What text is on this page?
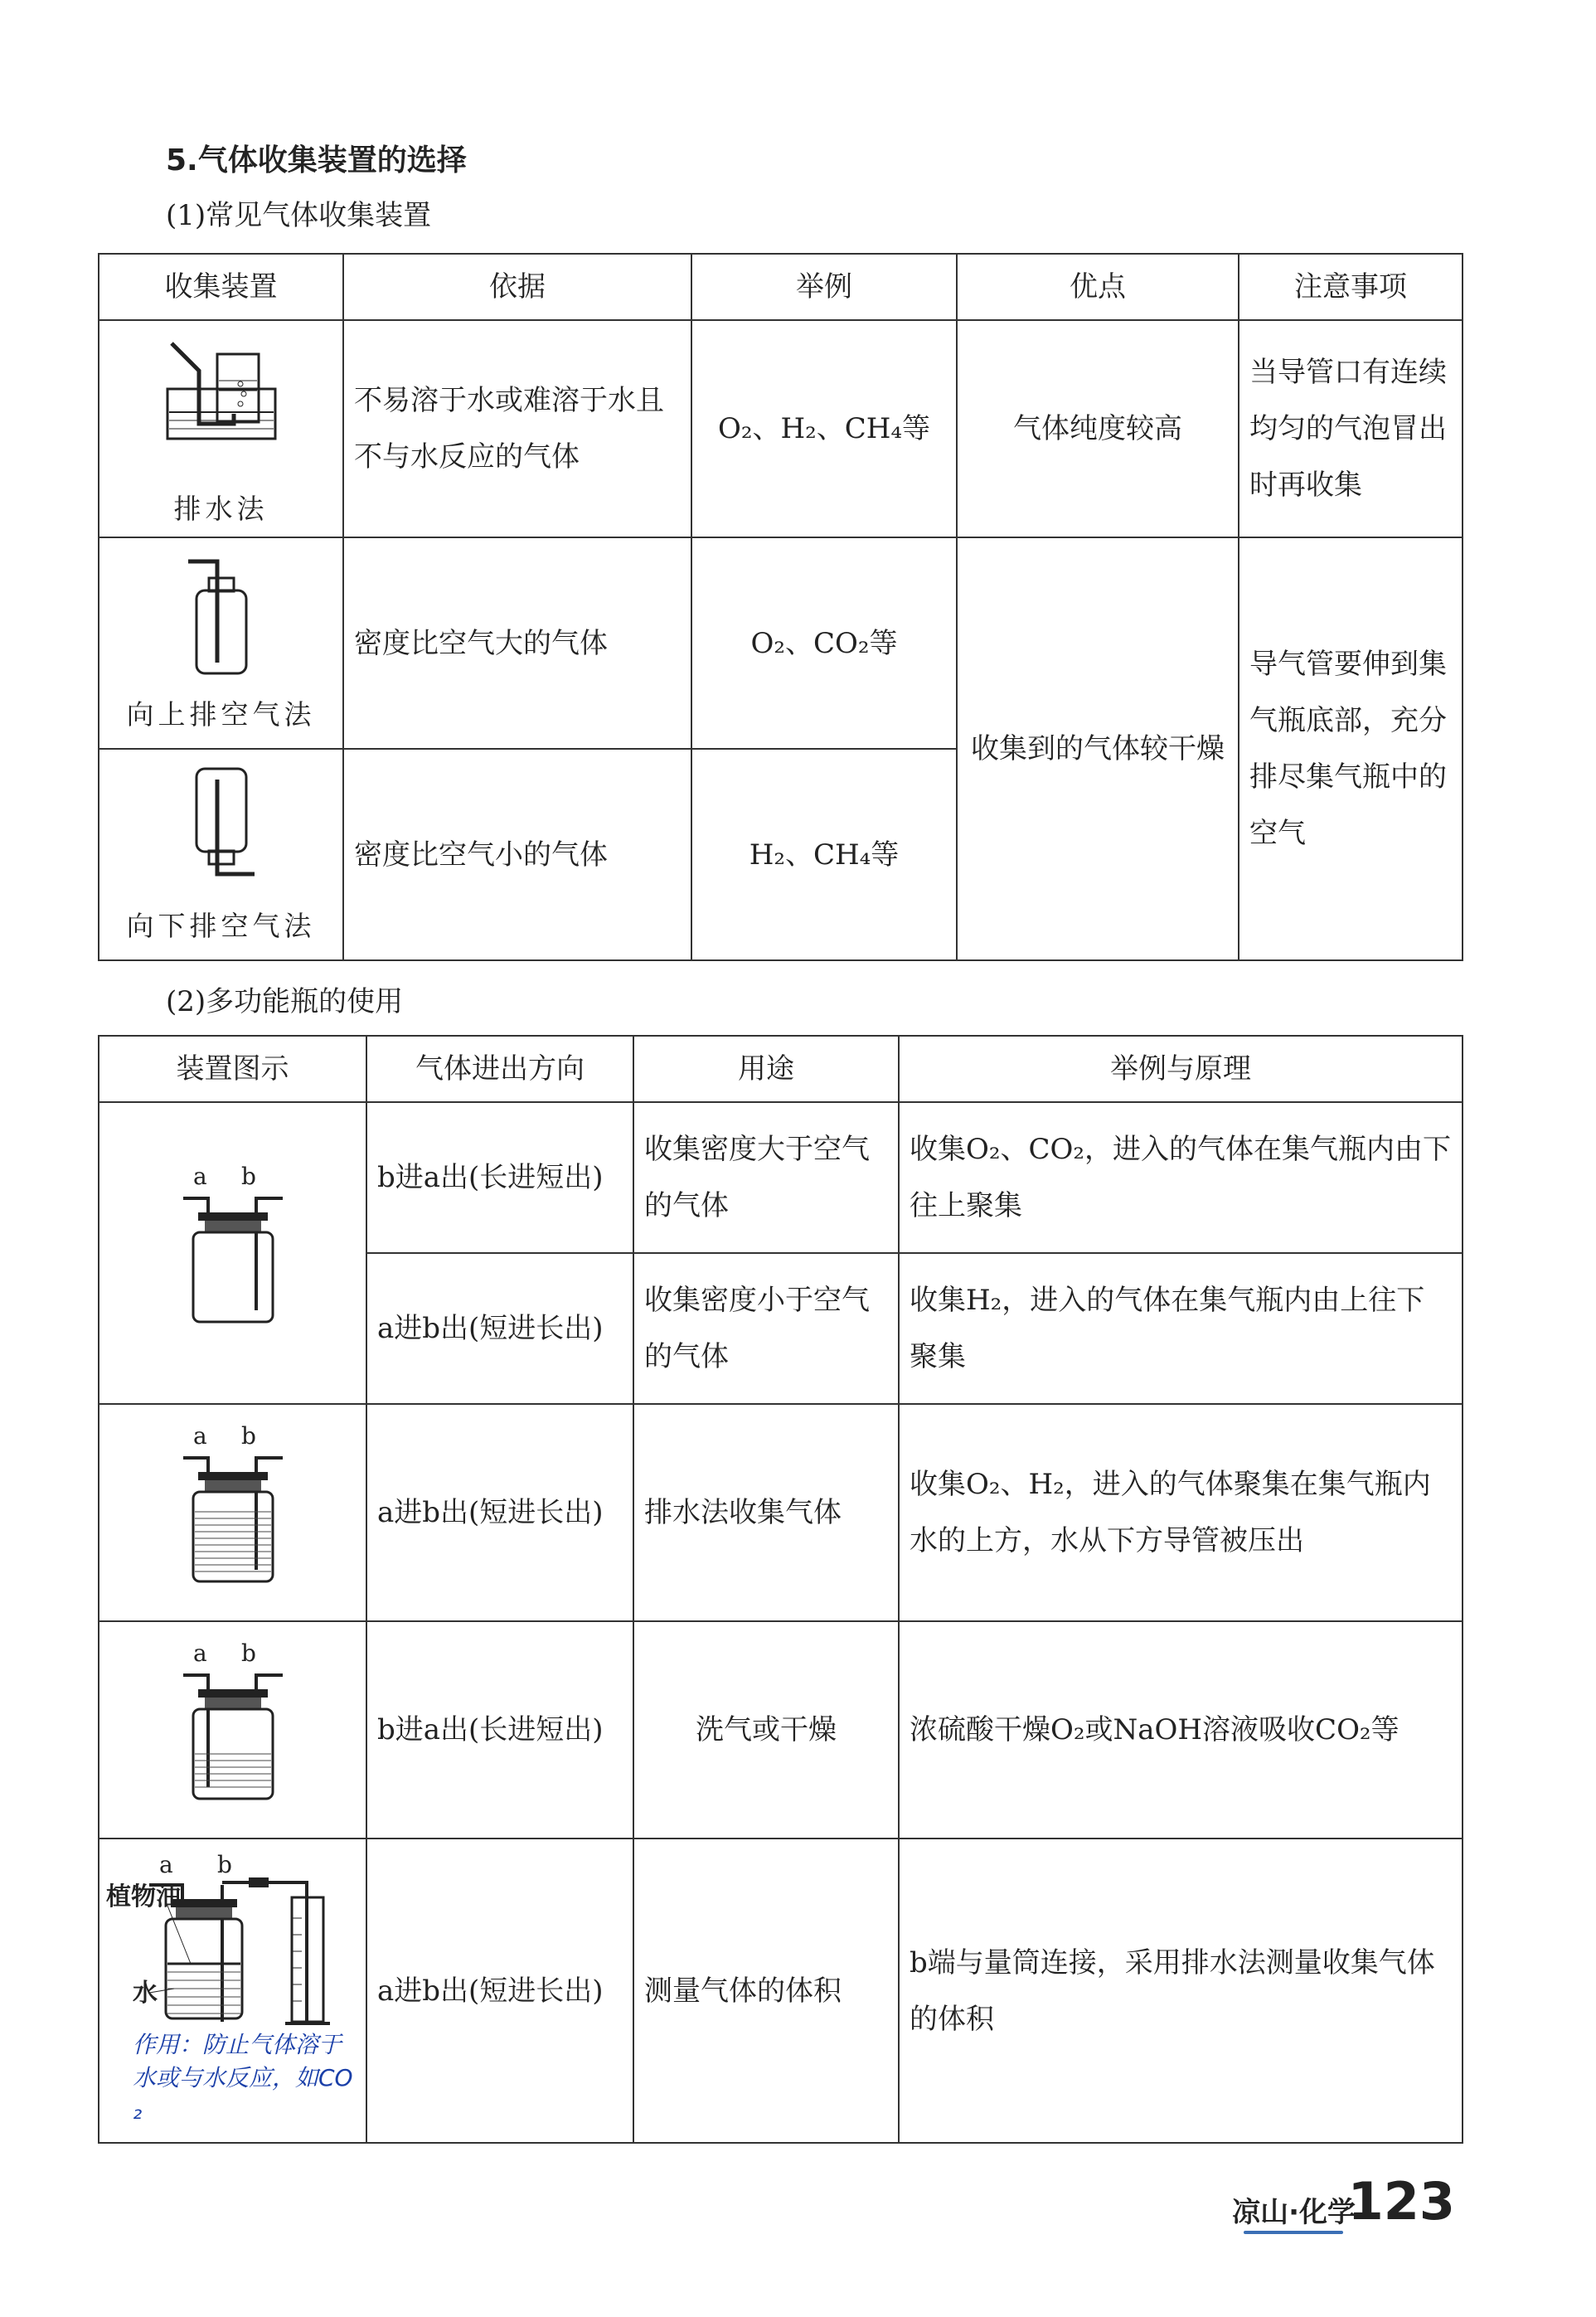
5.气体收集装置的选择
(1)常见气体收集装置
收集装置	依据	举例	优点	注意事项

排水法	不易溶于水或难溶于水且不与水反应的气体	O₂、H₂、CH₄等	气体纯度较高	当导管口有连续均匀的气泡冒出时再收集

向上排空气法	密度比空气大的气体	O₂、CO₂等	收集到的气体较干燥	导气管要伸到集气瓶底部，充分排尽集气瓶中的空气

向下排空气法	密度比空气小的气体	H₂、CH₄等		
(2)多功能瓶的使用
装置图示	气体进出方向	用途	举例与原理

a b	b进a出(长进短出)	收集密度大于空气的气体	收集O₂、CO₂，进入的气体在集气瓶内由下往上聚集
	a进b出(短进长出)	收集密度小于空气的气体	收集H₂，进入的气体在集气瓶内由上往下聚集

a b	a进b出(短进长出)	排水法收集气体	收集O₂、H₂，进入的气体聚集在集气瓶内水的上方，水从下方导管被压出

a b	b进a出(长进短出)	洗气或干燥	浓硫酸干燥O₂或NaOH溶液吸收CO₂等

a b
植物油
水
作用：防止气体溶于水或与水反应，如CO₂	a进b出(短进长出)	测量气体的体积	b端与量筒连接，采用排水法测量收集气体的体积
凉山·化学
123
